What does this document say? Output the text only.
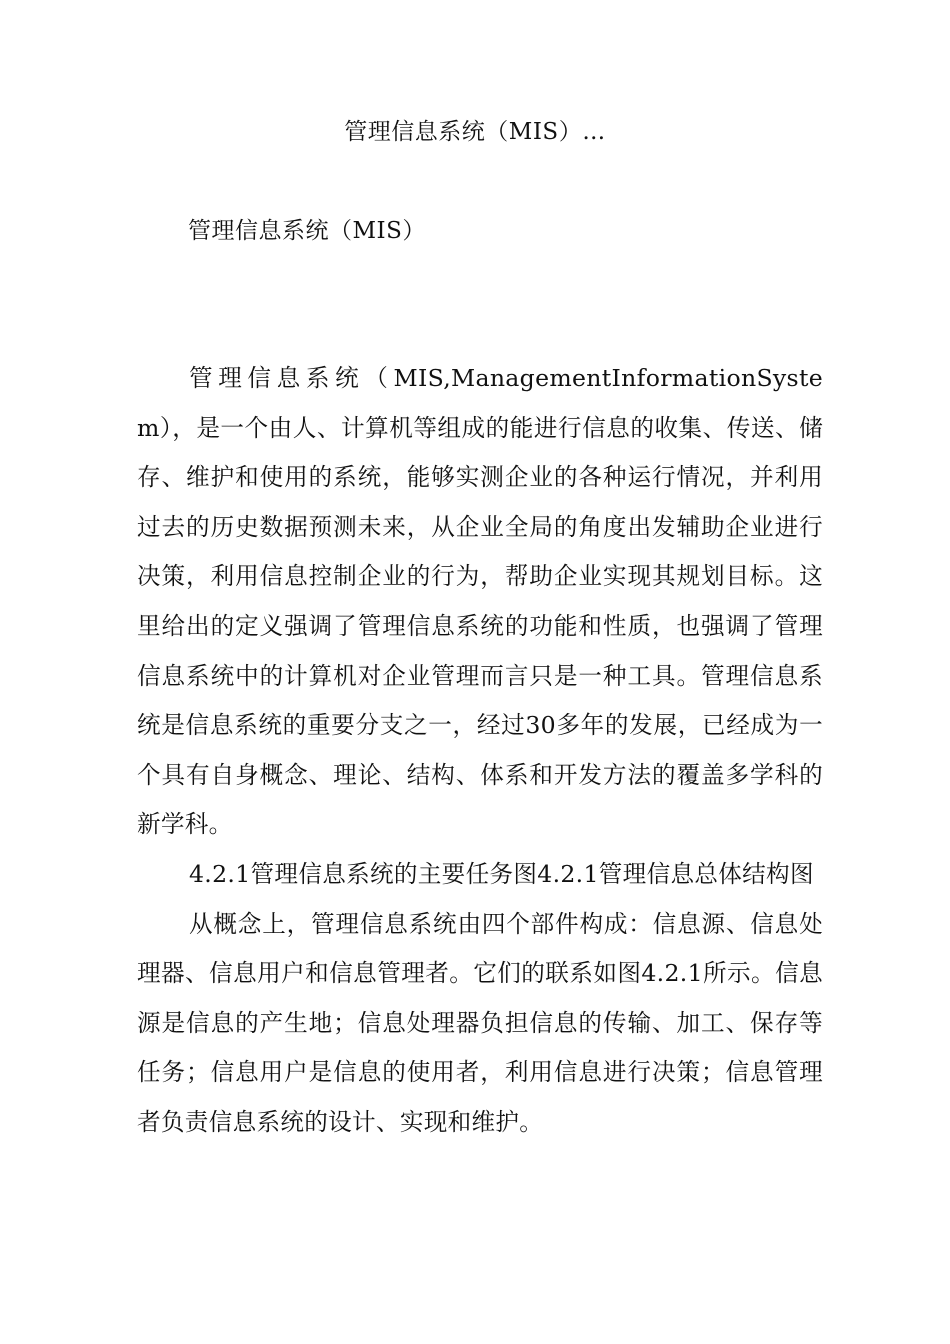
管理信息系统（MIS）…
管理信息系统（MIS）

管理信息系统（MIS,ManagementInformationSystem），是一个由人、计算机等组成的能进行信息的收集、传送、储存、维护和使用的系统，能够实测企业的各种运行情况，并利用过去的历史数据预测未来，从企业全局的角度出发辅助企业进行决策，利用信息控制企业的行为，帮助企业实现其规划目标。这里给出的定义强调了管理信息系统的功能和性质，也强调了管理信息系统中的计算机对企业管理而言只是一种工具。管理信息系统是信息系统的重要分支之一，经过30多年的发展，已经成为一个具有自身概念、理论、结构、体系和开发方法的覆盖多学科的新学科。

4.2.1管理信息系统的主要任务图4.2.1管理信息总体结构图

从概念上，管理信息系统由四个部件构成：信息源、信息处理器、信息用户和信息管理者。它们的联系如图4.2.1所示。信息源是信息的产生地；信息处理器负担信息的传输、加工、保存等任务；信息用户是信息的使用者，利用信息进行决策；信息管理者负责信息系统的设计、实现和维护。
